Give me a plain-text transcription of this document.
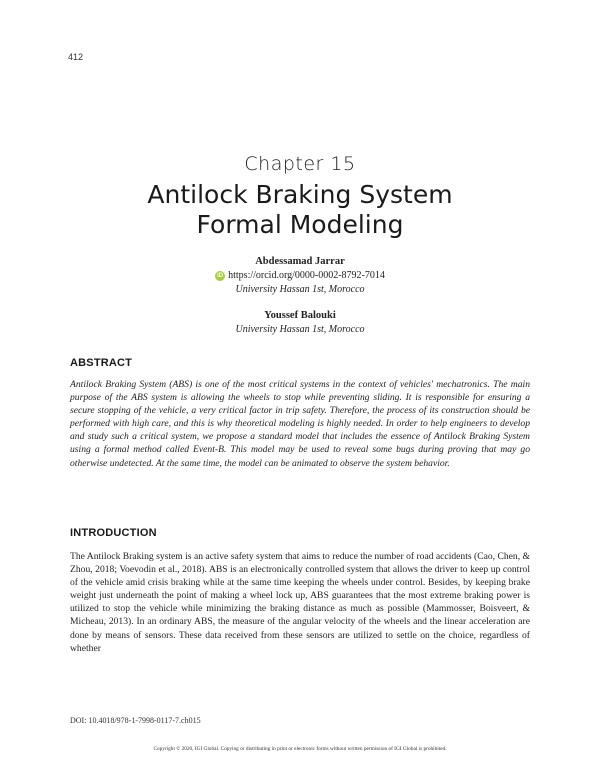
412
Chapter 15
Antilock Braking System
Formal Modeling
Abdessamad Jarrar
iD https://orcid.org/0000-0002-8792-7014
University Hassan 1st, Morocco
Youssef Balouki
University Hassan 1st, Morocco
ABSTRACT
Antilock Braking System (ABS) is one of the most critical systems in the context of vehicles' mechatronics. The main purpose of the ABS system is allowing the wheels to stop while preventing sliding. It is responsible for ensuring a secure stopping of the vehicle, a very critical factor in trip safety. Therefore, the process of its construction should be performed with high care, and this is why theoretical modeling is highly needed. In order to help engineers to develop and study such a critical system, we propose a standard model that includes the essence of Antilock Braking System using a formal method called Event-B. This model may be used to reveal some bugs during proving that may go otherwise undetected. At the same time, the model can be animated to observe the system behavior.
INTRODUCTION
The Antilock Braking system is an active safety system that aims to reduce the number of road accidents (Cao, Chen, & Zhou, 2018; Voevodin et al., 2018). ABS is an electronically controlled system that allows the driver to keep up control of the vehicle amid crisis braking while at the same time keeping the wheels under control. Besides, by keeping brake weight just underneath the point of making a wheel lock up, ABS guarantees that the most extreme braking power is utilized to stop the vehicle while minimizing the braking distance as much as possible (Mammosser, Boisveert, & Micheau, 2013). In an ordinary ABS, the measure of the angular velocity of the wheels and the linear acceleration are done by means of sensors. These data received from these sensors are utilized to settle on the choice, regardless of whether
DOI: 10.4018/978-1-7998-0117-7.ch015
Copyright © 2020, IGI Global. Copying or distributing in print or electronic forms without written permission of IGI Global is prohibited.
